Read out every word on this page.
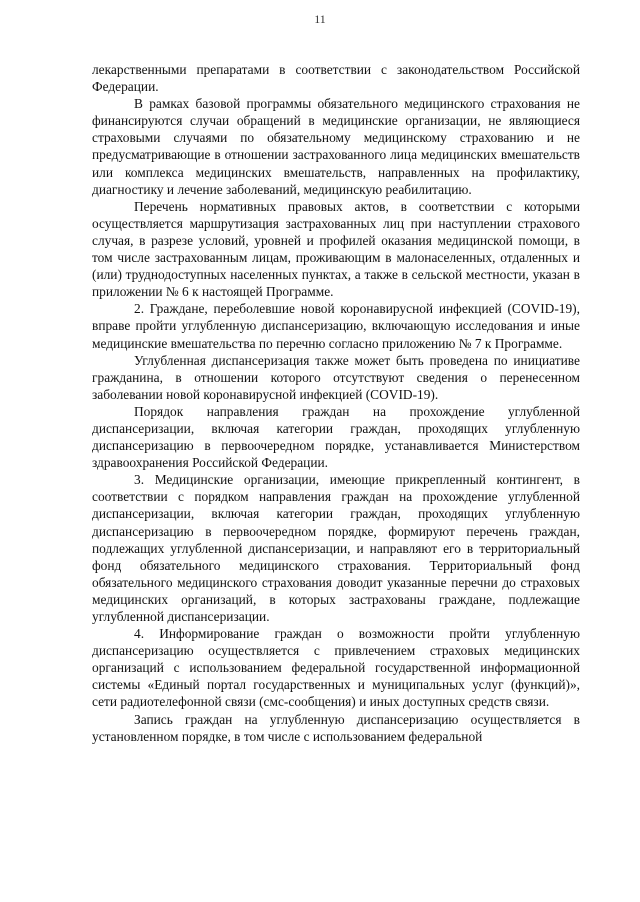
11

лекарственными препаратами в соответствии с законодательством Российской Федерации.

В рамках базовой программы обязательного медицинского страхования не финансируются случаи обращений в медицинские организации, не являющиеся страховыми случаями по обязательному медицинскому страхованию и не предусматривающие в отношении застрахованного лица медицинских вмешательств или комплекса медицинских вмешательств, направленных на профилактику, диагностику и лечение заболеваний, медицинскую реабилитацию.

Перечень нормативных правовых актов, в соответствии с которыми осуществляется маршрутизация застрахованных лиц при наступлении страхового случая, в разрезе условий, уровней и профилей оказания медицинской помощи, в том числе застрахованным лицам, проживающим в малонаселенных, отдаленных и (или) труднодоступных населенных пунктах, а также в сельской местности, указан в приложении № 6 к настоящей Программе.

2. Граждане, переболевшие новой коронавирусной инфекцией (COVID-19), вправе пройти углубленную диспансеризацию, включающую исследования и иные медицинские вмешательства по перечню согласно приложению № 7 к Программе.

Углубленная диспансеризация также может быть проведена по инициативе гражданина, в отношении которого отсутствуют сведения о перенесенном заболевании новой коронавирусной инфекцией (COVID-19).

Порядок направления граждан на прохождение углубленной диспансеризации, включая категории граждан, проходящих углубленную диспансеризацию в первоочередном порядке, устанавливается Министерством здравоохранения Российской Федерации.

3. Медицинские организации, имеющие прикрепленный контингент, в соответствии с порядком направления граждан на прохождение углубленной диспансеризации, включая категории граждан, проходящих углубленную диспансеризацию в первоочередном порядке, формируют перечень граждан, подлежащих углубленной диспансеризации, и направляют его в территориальный фонд обязательного медицинского страхования. Территориальный фонд обязательного медицинского страхования доводит указанные перечни до страховых медицинских организаций, в которых застрахованы граждане, подлежащие углубленной диспансеризации.

4. Информирование граждан о возможности пройти углубленную диспансеризацию осуществляется с привлечением страховых медицинских организаций с использованием федеральной государственной информационной системы «Единый портал государственных и муниципальных услуг (функций)», сети радиотелефонной связи (смс-сообщения) и иных доступных средств связи.

Запись граждан на углубленную диспансеризацию осуществляется в установленном порядке, в том числе с использованием федеральной
